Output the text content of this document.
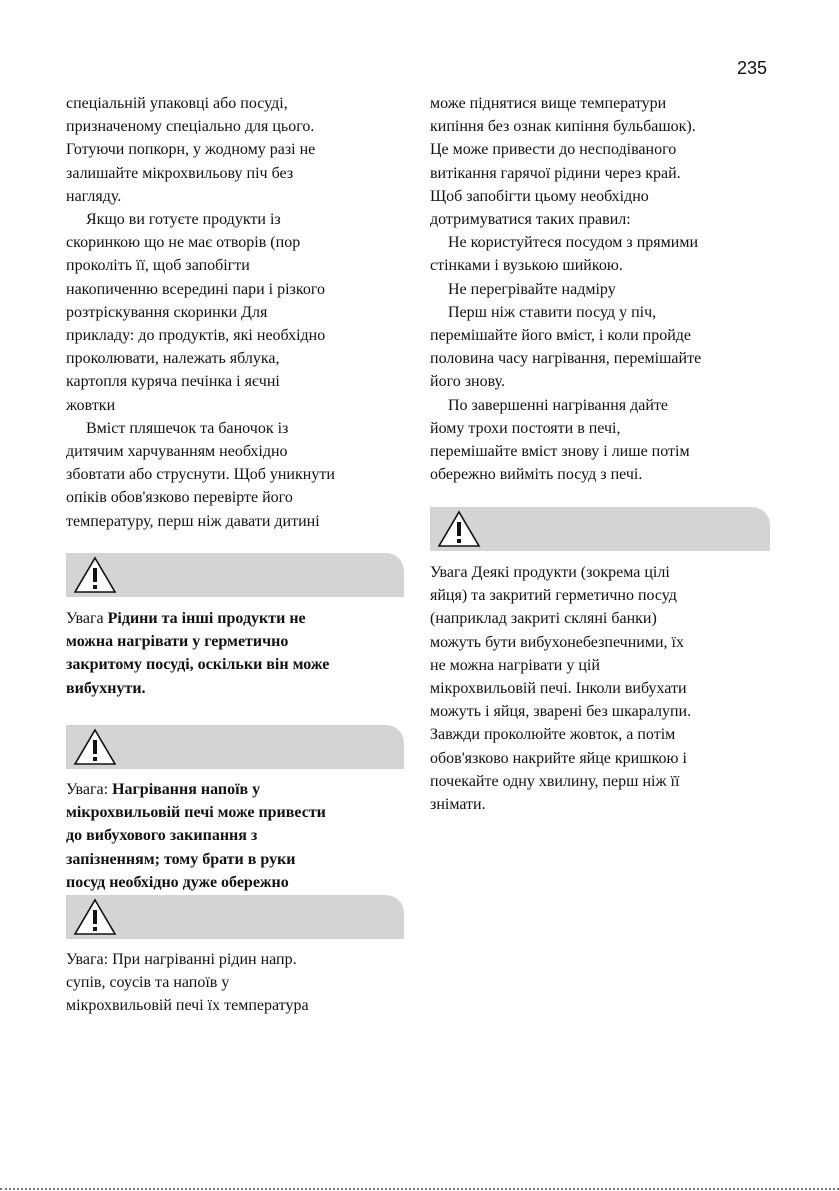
235
спеціальній упаковці або посуді,
призначеному спеціально для цього.
Готуючи попкорн, у жодному разі не
залишайте мікрохвильову піч без
нагляду.
Якщо ви готуєте продукти із
скоринкою що не має отворів (пор
проколіть її, щоб запобігти
накопиченню всередині пари і різкого
розтріскування скоринки Для
прикладу: до продуктів, які необхідно
проколювати, належать яблука,
картопля куряча печінка і яєчні
жовтки
Вміст пляшечок та баночок із
дитячим харчуванням необхідно
збовтати або струснути. Щоб уникнути
опіків обов'язково перевірте його
температуру, перш ніж давати дитині
Увага Рідини та інші продукти не
можна нагрівати у герметично
закритому посуді, оскільки він може
вибухнути.
Увага: Нагрівання напоїв у
мікрохвильовій печі може привести
до вибухового закипання з
запізненням; тому брати в руки
посуд необхідно дуже обережно
Увага: При нагріванні рідин напр.
супів, соусів та напоїв у
мікрохвильовій печі їх температура
може піднятися вище температури
кипіння без ознак кипіння бульбашок).
Це може привести до несподіваного
витікання гарячої рідини через край.
Щоб запобігти цьому необхідно
дотримуватися таких правил:
Не користуйтеся посудом з прямими
стінками і вузькою шийкою.
Не перегрівайте надміру
Перш ніж ставити посуд у піч,
перемішайте його вміст, і коли пройде
половина часу нагрівання, перемішайте
його знову.
По завершенні нагрівання дайте
йому трохи постояти в печі,
перемішайте вміст знову і лише потім
обережно вийміть посуд з печі.
Увага Деякі продукти (зокрема цілі
яйця) та закритий герметично посуд
(наприклад закриті скляні банки)
можуть бути вибухонебезпечними, їх
не можна нагрівати у цій
мікрохвильовій печі. Інколи вибухати
можуть і яйця, зварені без шкаралупи.
Завжди проколюйте жовток, а потім
обов'язково накрийте яйце кришкою і
почекайте одну хвилину, перш ніж її
знімати.
